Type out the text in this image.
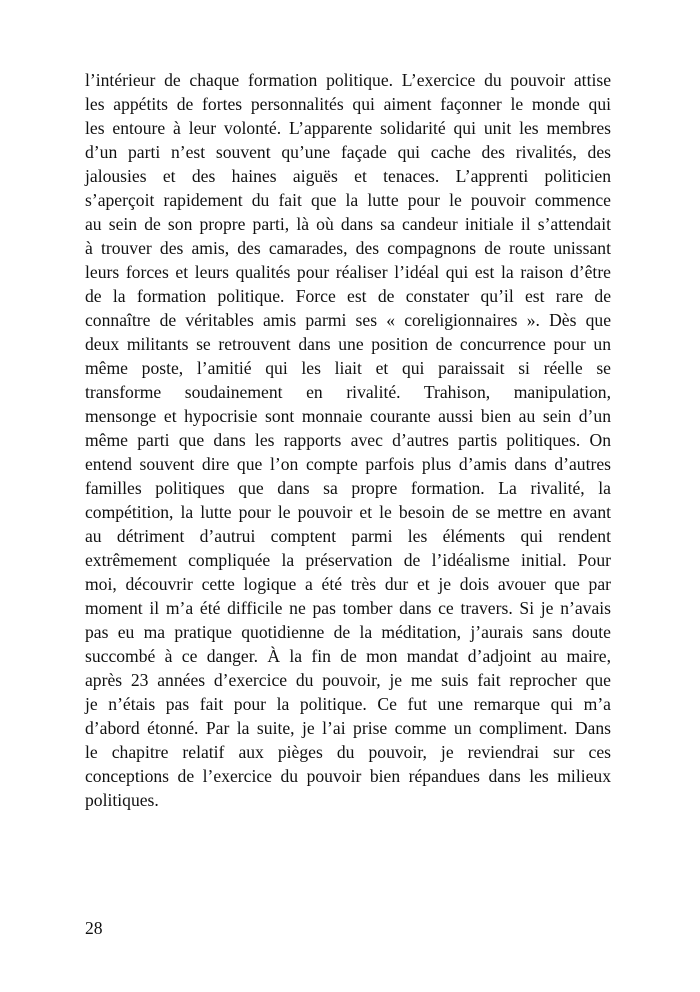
l’intérieur de chaque formation politique. L’exercice du pouvoir attise
les appétits de fortes personnalités qui aiment façonner le monde qui
les entoure à leur volonté. L’apparente solidarité qui unit les membres
d’un parti n’est souvent qu’une façade qui cache des rivalités, des
jalousies et des haines aiguës et tenaces. L’apprenti politicien
s’aperçoit rapidement du fait que la lutte pour le pouvoir commence
au sein de son propre parti, là où dans sa candeur initiale il s’attendait
à trouver des amis, des camarades, des compagnons de route unissant
leurs forces et leurs qualités pour réaliser l’idéal qui est la raison d’être
de la formation politique. Force est de constater qu’il est rare de
connaître de véritables amis parmi ses « coreligionnaires ». Dès que
deux militants se retrouvent dans une position de concurrence pour un
même poste, l’amitié qui les liait et qui paraissait si réelle se
transforme soudainement en rivalité. Trahison, manipulation,
mensonge et hypocrisie sont monnaie courante aussi bien au sein d’un
même parti que dans les rapports avec d’autres partis politiques. On
entend souvent dire que l’on compte parfois plus d’amis dans d’autres
familles politiques que dans sa propre formation. La rivalité, la
compétition, la lutte pour le pouvoir et le besoin de se mettre en avant
au détriment d’autrui comptent parmi les éléments qui rendent
extrêmement compliquée la préservation de l’idéalisme initial. Pour
moi, découvrir cette logique a été très dur et je dois avouer que par
moment il m’a été difficile ne pas tomber dans ce travers. Si je n’avais
pas eu ma pratique quotidienne de la méditation, j’aurais sans doute
succombé à ce danger. À la fin de mon mandat d’adjoint au maire,
après 23 années d’exercice du pouvoir, je me suis fait reprocher que
je n’étais pas fait pour la politique. Ce fut une remarque qui m’a
d’abord étonné. Par la suite, je l’ai prise comme un compliment. Dans
le chapitre relatif aux pièges du pouvoir, je reviendrai sur ces
conceptions de l’exercice du pouvoir bien répandues dans les milieux
politiques.
28
